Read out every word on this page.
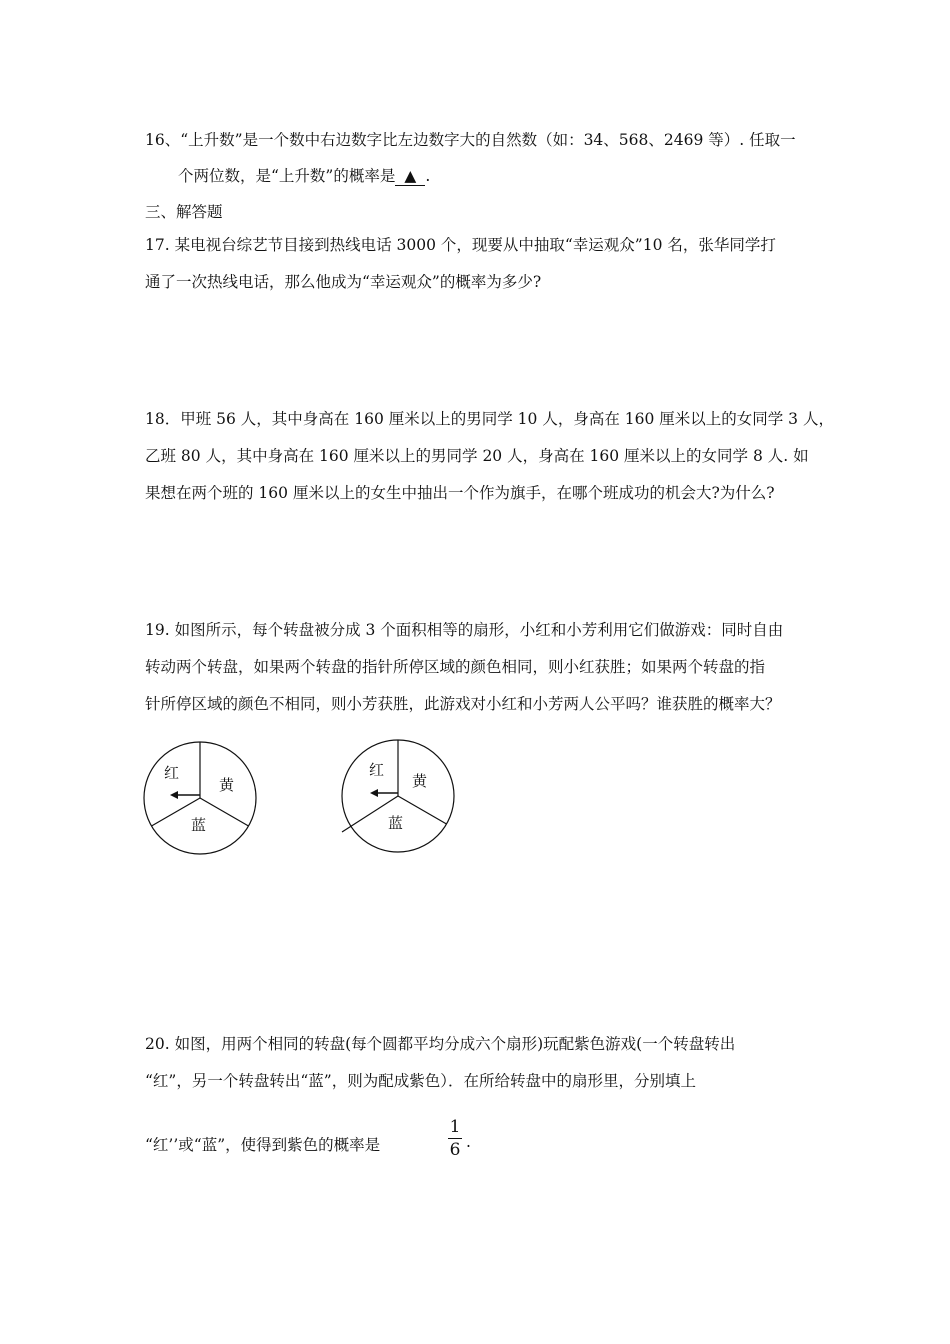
16、“上升数”是一个数中右边数字比左边数字大的自然数（如：34、568、2469 等）. 任取一
个两位数，是“上升数”的概率是 ▲ .
三、解答题
17. 某电视台综艺节目接到热线电话 3000 个，现要从中抽取“幸运观众”10 名，张华同学打
通了一次热线电话，那么他成为“幸运观众”的概率为多少?
18．甲班 56 人，其中身高在 160 厘米以上的男同学 10 人，身高在 160 厘米以上的女同学 3 人，
乙班 80 人，其中身高在 160 厘米以上的男同学 20 人，身高在 160 厘米以上的女同学 8 人. 如
果想在两个班的 160 厘米以上的女生中抽出一个作为旗手，在哪个班成功的机会大?为什么?
19. 如图所示，每个转盘被分成 3 个面积相等的扇形，小红和小芳利用它们做游戏：同时自由
转动两个转盘，如果两个转盘的指针所停区域的颜色相同，则小红获胜；如果两个转盘的指
针所停区域的颜色不相同，则小芳获胜，此游戏对小红和小芳两人公平吗？谁获胜的概率大？
红
黄
蓝
红
黄
蓝
20. 如图，用两个相同的转盘(每个圆都平均分成六个扇形)玩配紫色游戏(一个转盘转出
“红”，另一个转盘转出“蓝”，则为配成紫色）．在所给转盘中的扇形里，分别填上
“红’’或“蓝”，使得到紫色的概率是
1
6 .
